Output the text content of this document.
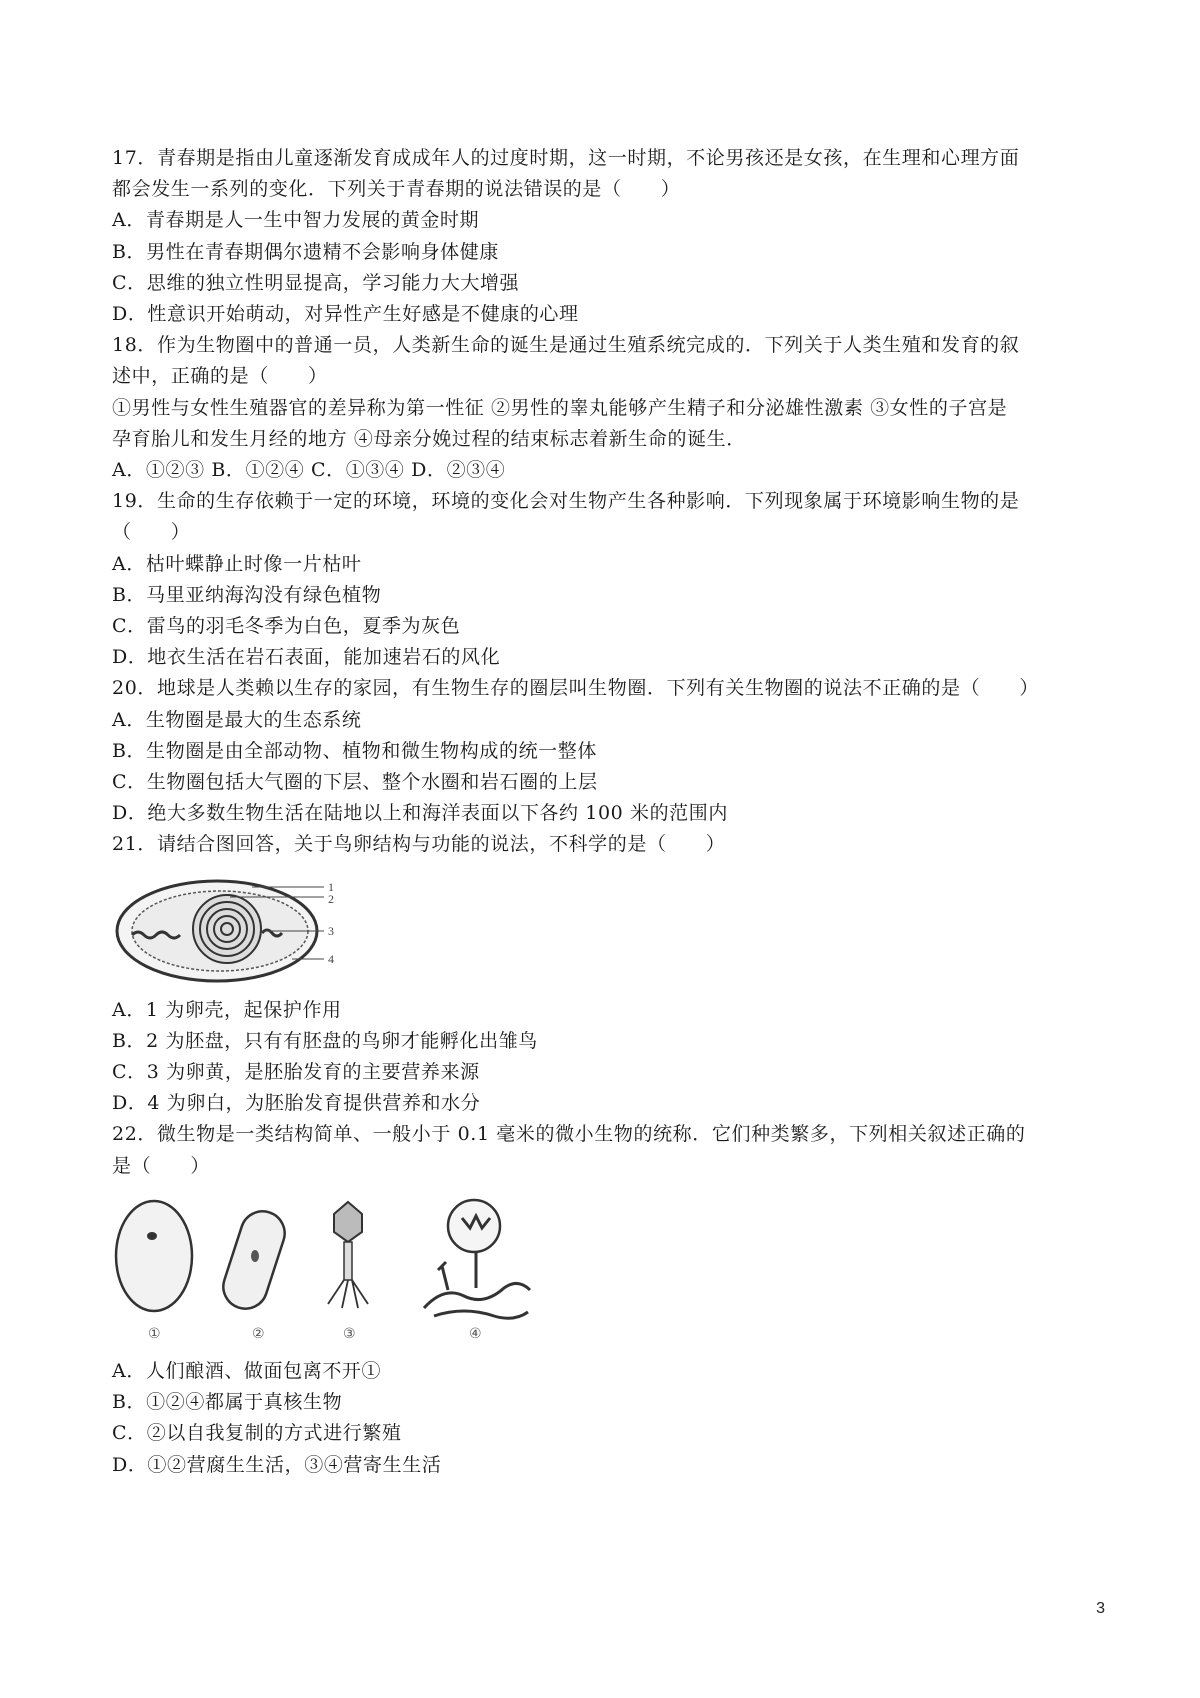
17．青春期是指由儿童逐渐发育成成年人的过度时期，这一时期，不论男孩还是女孩，在生理和心理方面
都会发生一系列的变化．下列关于青春期的说法错误的是（　　）
A．青春期是人一生中智力发展的黄金时期
B．男性在青春期偶尔遗精不会影响身体健康
C．思维的独立性明显提高，学习能力大大增强
D．性意识开始萌动，对异性产生好感是不健康的心理
18．作为生物圈中的普通一员，人类新生命的诞生是通过生殖系统完成的．下列关于人类生殖和发育的叙
述中，正确的是（　　）
①男性与女性生殖器官的差异称为第一性征 ②男性的睾丸能够产生精子和分泌雄性激素 ③女性的子宫是
孕育胎儿和发生月经的地方 ④母亲分娩过程的结束标志着新生命的诞生．
A．①②③ B．①②④ C．①③④ D．②③④
19．生命的生存依赖于一定的环境，环境的变化会对生物产生各种影响．下列现象属于环境影响生物的是
（　　）
A．枯叶蝶静止时像一片枯叶
B．马里亚纳海沟没有绿色植物
C．雷鸟的羽毛冬季为白色，夏季为灰色
D．地衣生活在岩石表面，能加速岩石的风化
20．地球是人类赖以生存的家园，有生物生存的圈层叫生物圈．下列有关生物圈的说法不正确的是（　　）
A．生物圈是最大的生态系统
B．生物圈是由全部动物、植物和微生物构成的统一整体
C．生物圈包括大气圈的下层、整个水圈和岩石圈的上层
D．绝大多数生物生活在陆地以上和海洋表面以下各约 100 米的范围内
21．请结合图回答，关于鸟卵结构与功能的说法，不科学的是（　　）
1
2
3
4
A．1 为卵壳，起保护作用
B．2 为胚盘，只有有胚盘的鸟卵才能孵化出雏鸟
C．3 为卵黄，是胚胎发育的主要营养来源
D．4 为卵白，为胚胎发育提供营养和水分
22．微生物是一类结构简单、一般小于 0.1 毫米的微小生物的统称．它们种类繁多，下列相关叙述正确的
是（　　）
①	②	③	④
A．人们酿酒、做面包离不开①
B．①②④都属于真核生物
C．②以自我复制的方式进行繁殖
D．①②营腐生生活，③④营寄生生活
3
